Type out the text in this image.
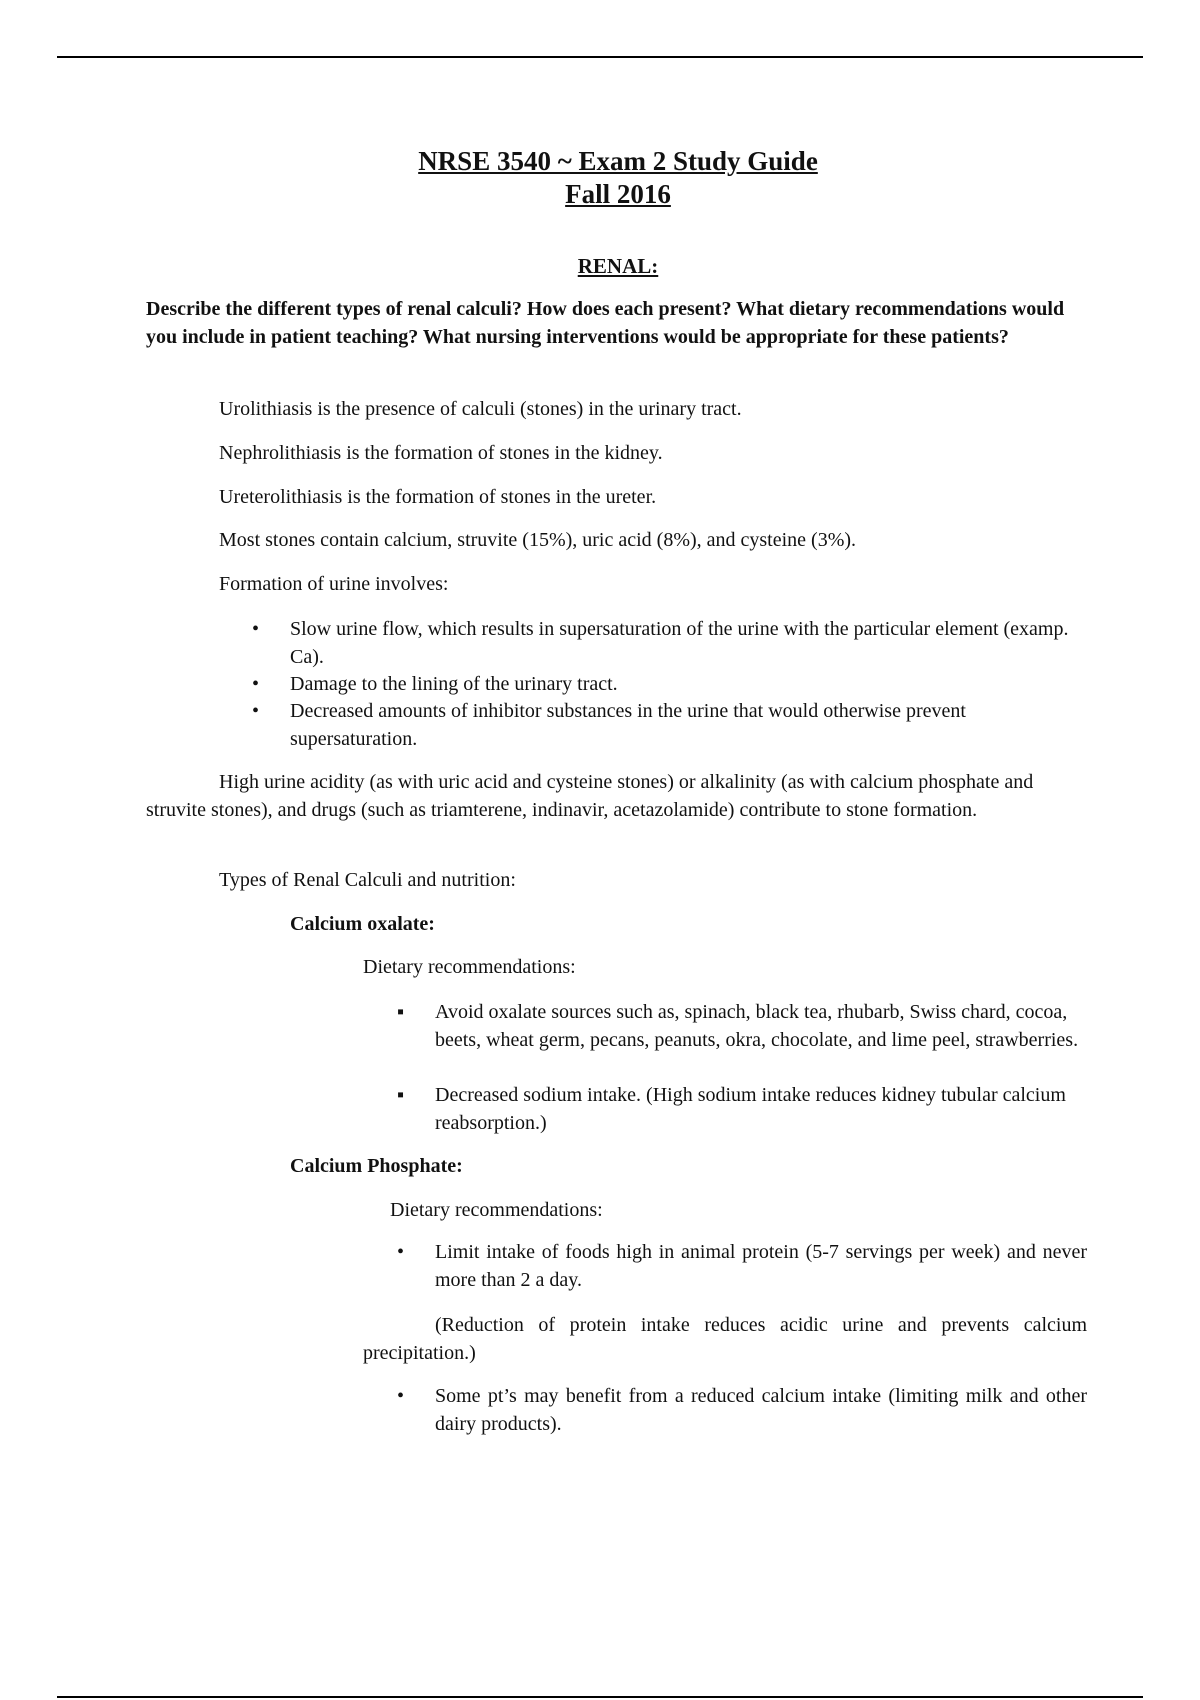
NRSE 3540 ~ Exam 2 Study Guide
Fall 2016
RENAL:

Describe the different types of renal calculi? How does each present? What dietary recommendations would you include in patient teaching? What nursing interventions would be appropriate for these patients?

Urolithiasis is the presence of calculi (stones) in the urinary tract.

Nephrolithiasis is the formation of stones in the kidney.

Ureterolithiasis is the formation of stones in the ureter.

Most stones contain calcium, struvite (15%), uric acid (8%), and cysteine (3%).

Formation of urine involves:

• Slow urine flow, which results in supersaturation of the urine with the particular element (examp. Ca).
• Damage to the lining of the urinary tract.
• Decreased amounts of inhibitor substances in the urine that would otherwise prevent supersaturation.

High urine acidity (as with uric acid and cysteine stones) or alkalinity (as with calcium phosphate and struvite stones), and drugs (such as triamterene, indinavir, acetazolamide) contribute to stone formation.

Types of Renal Calculi and nutrition:

Calcium oxalate:

Dietary recommendations:

▪ Avoid oxalate sources such as, spinach, black tea, rhubarb, Swiss chard, cocoa, beets, wheat germ, pecans, peanuts, okra, chocolate, and lime peel, strawberries.
▪ Decreased sodium intake. (High sodium intake reduces kidney tubular calcium reabsorption.)

Calcium Phosphate:

Dietary recommendations:

• Limit intake of foods high in animal protein (5-7 servings per week) and never more than 2 a day.

(Reduction of protein intake reduces acidic urine and prevents calcium precipitation.)

• Some pt’s may benefit from a reduced calcium intake (limiting milk and other dairy products).
